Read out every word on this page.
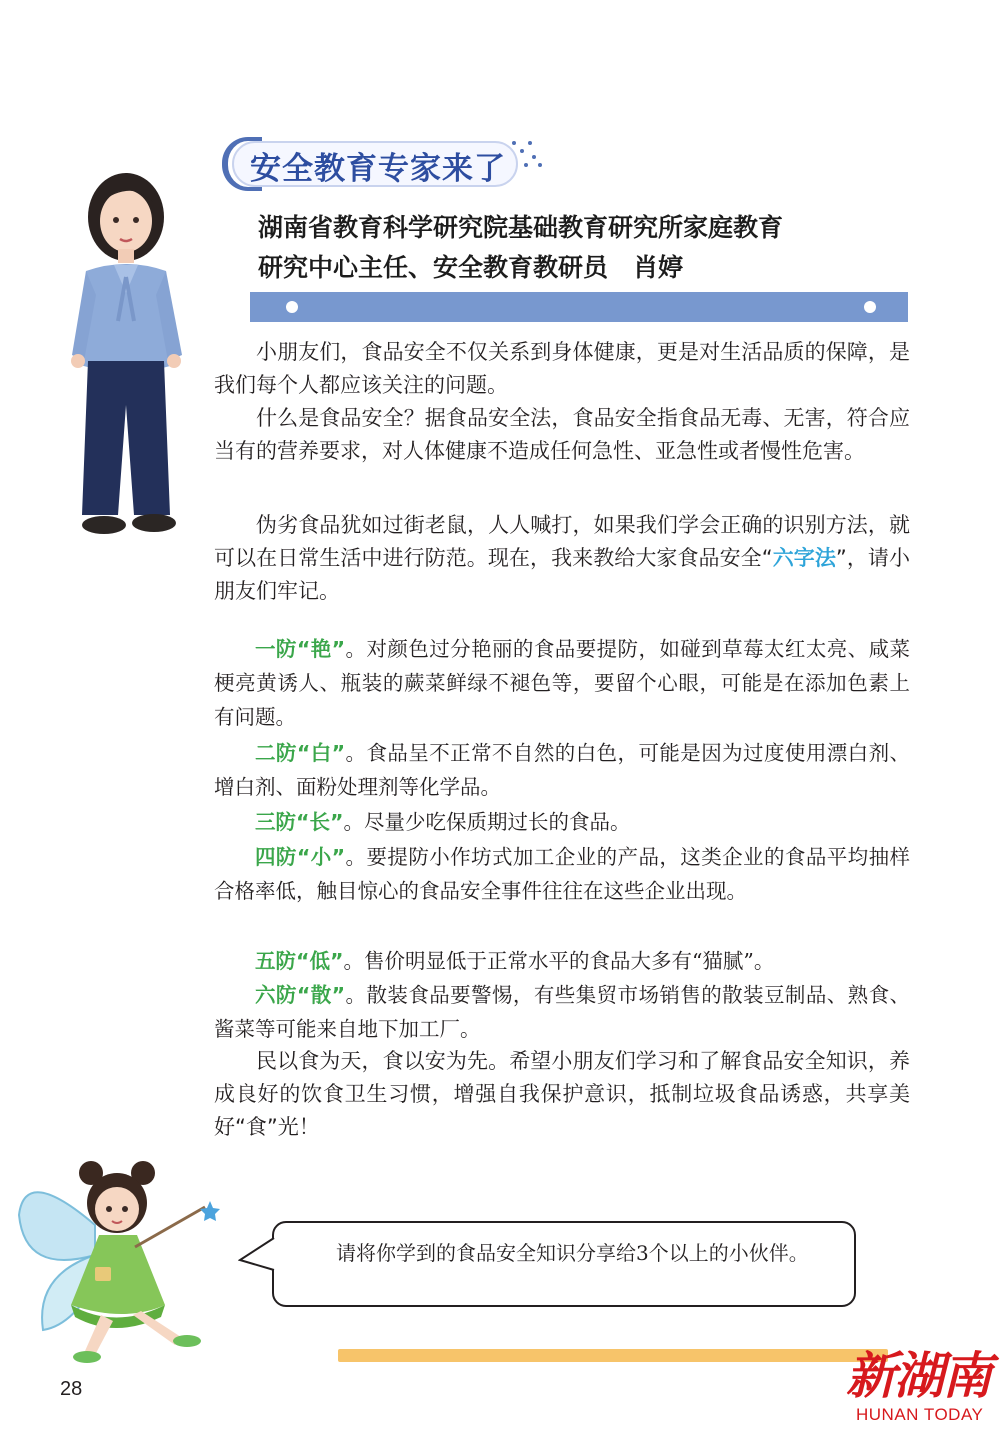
安全教育专家来了
湖南省教育科学研究院基础教育研究所家庭教育
研究中心主任、安全教育教研员　肖婷

小朋友们，食品安全不仅关系到身体健康，更是对生活品质的保障，是我们每个人都应该关注的问题。

什么是食品安全？据食品安全法，食品安全指食品无毒、无害，符合应当有的营养要求，对人体健康不造成任何急性、亚急性或者慢性危害。

伪劣食品犹如过街老鼠，人人喊打，如果我们学会正确的识别方法，就可以在日常生活中进行防范。现在，我来教给大家食品安全“六字法”，请小朋友们牢记。

一防“艳”。对颜色过分艳丽的食品要提防，如碰到草莓太红太亮、咸菜梗亮黄诱人、瓶装的蕨菜鲜绿不褪色等，要留个心眼，可能是在添加色素上有问题。

二防“白”。食品呈不正常不自然的白色，可能是因为过度使用漂白剂、增白剂、面粉处理剂等化学品。

三防“长”。尽量少吃保质期过长的食品。

四防“小”。要提防小作坊式加工企业的产品，这类企业的食品平均抽样合格率低，触目惊心的食品安全事件往往在这些企业出现。

五防“低”。售价明显低于正常水平的食品大多有“猫腻”。

六防“散”。散装食品要警惕，有些集贸市场销售的散装豆制品、熟食、酱菜等可能来自地下加工厂。

民以食为天，食以安为先。希望小朋友们学习和了解食品安全知识，养成良好的饮食卫生习惯，增强自我保护意识，抵制垃圾食品诱惑，共享美好“食”光！

请将你学到的食品安全知识分享给3个以上的小伙伴。

28	新湖南
HUNAN TODAY
